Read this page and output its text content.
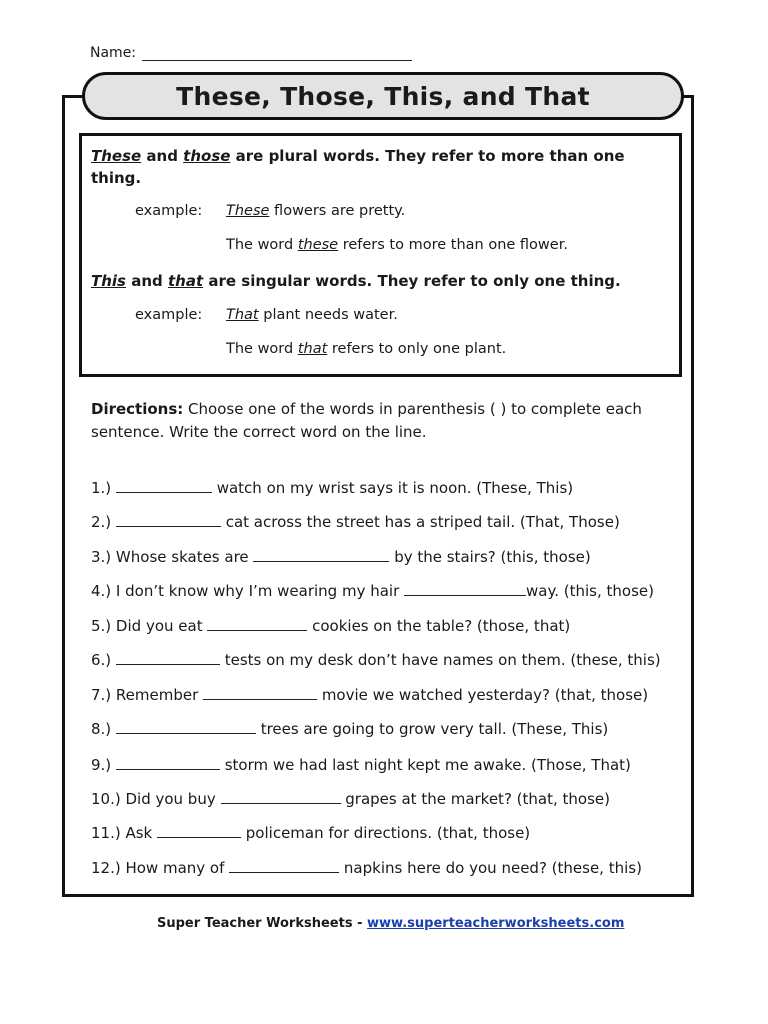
Name:
These, Those, This, and That
These and those are plural words. They refer to more than one
thing.
example: These flowers are pretty.
The word these refers to more than one flower.
This and that are singular words. They refer to only one thing.
example: That plant needs water.
The word that refers to only one plant.
Directions: Choose one of the words in parenthesis ( ) to complete each
sentence. Write the correct word on the line.
1.)	watch on my wrist says it is noon. (These, This)
2.)	cat across the street has a striped tail. (That, Those)
3.) Whose skates are	by the stairs? (this, those)
4.) I don’t know why I’m wearing my hair	way. (this, those)
5.) Did you eat	cookies on the table? (those, that)
6.)	tests on my desk don’t have names on them. (these, this)
7.) Remember	movie we watched yesterday? (that, those)
8.)	trees are going to grow very tall. (These, This)
9.)	storm we had last night kept me awake. (Those, That)
10.) Did you buy	grapes at the market? (that, those)
11.) Ask	policeman for directions. (that, those)
12.) How many of	napkins here do you need? (these, this)
Super Teacher Worksheets - www.superteacherworksheets.com
